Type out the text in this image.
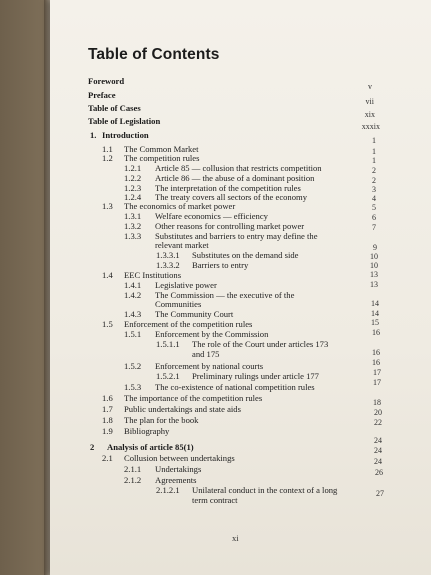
Table of Contents
Foreword
Preface
Table of Cases
Table of Legislation
v
vii
xix
xxxix
1. Introduction
1.1 The Common Market
1.2 The competition rules
1.2.1 Article 85 — collusion that restricts competition
1.2.2 Article 86 — the abuse of a dominant position
1.2.3 The interpretation of the competition rules
1.2.4 The treaty covers all sectors of the economy
1.3 The economics of market power
1.3.1 Welfare economics — efficiency
1.3.2 Other reasons for controlling market power
1.3.3 Substitutes and barriers to entry may define the
relevant market
1.3.3.1 Substitutes on the demand side
1.3.3.2 Barriers to entry
1.4 EEC Institutions
1.4.1 Legislative power
1.4.2 The Commission — the executive of the
Communities
1.4.3 The Community Court
1.5 Enforcement of the competition rules
1.5.1 Enforcement by the Commission
1.5.1.1 The role of the Court under articles 173
and 175
1.5.2 Enforcement by national courts
1.5.2.1 Preliminary rulings under article 177
1.5.3 The co-existence of national competition rules
1.6 The importance of the competition rules
1.7 Public undertakings and state aids
1.8 The plan for the book
1.9 Bibliography
2 Analysis of article 85(1)
2.1 Collusion between undertakings
2.1.1 Undertakings
2.1.2 Agreements
2.1.2.1 Unilateral conduct in the context of a long
term contract
1
1
1
2
2
3
4
5
6
7
9
10
10
13
13
14
14
15
16
16
16
17
17
18
20
22
24
24
24
26
27
xi
